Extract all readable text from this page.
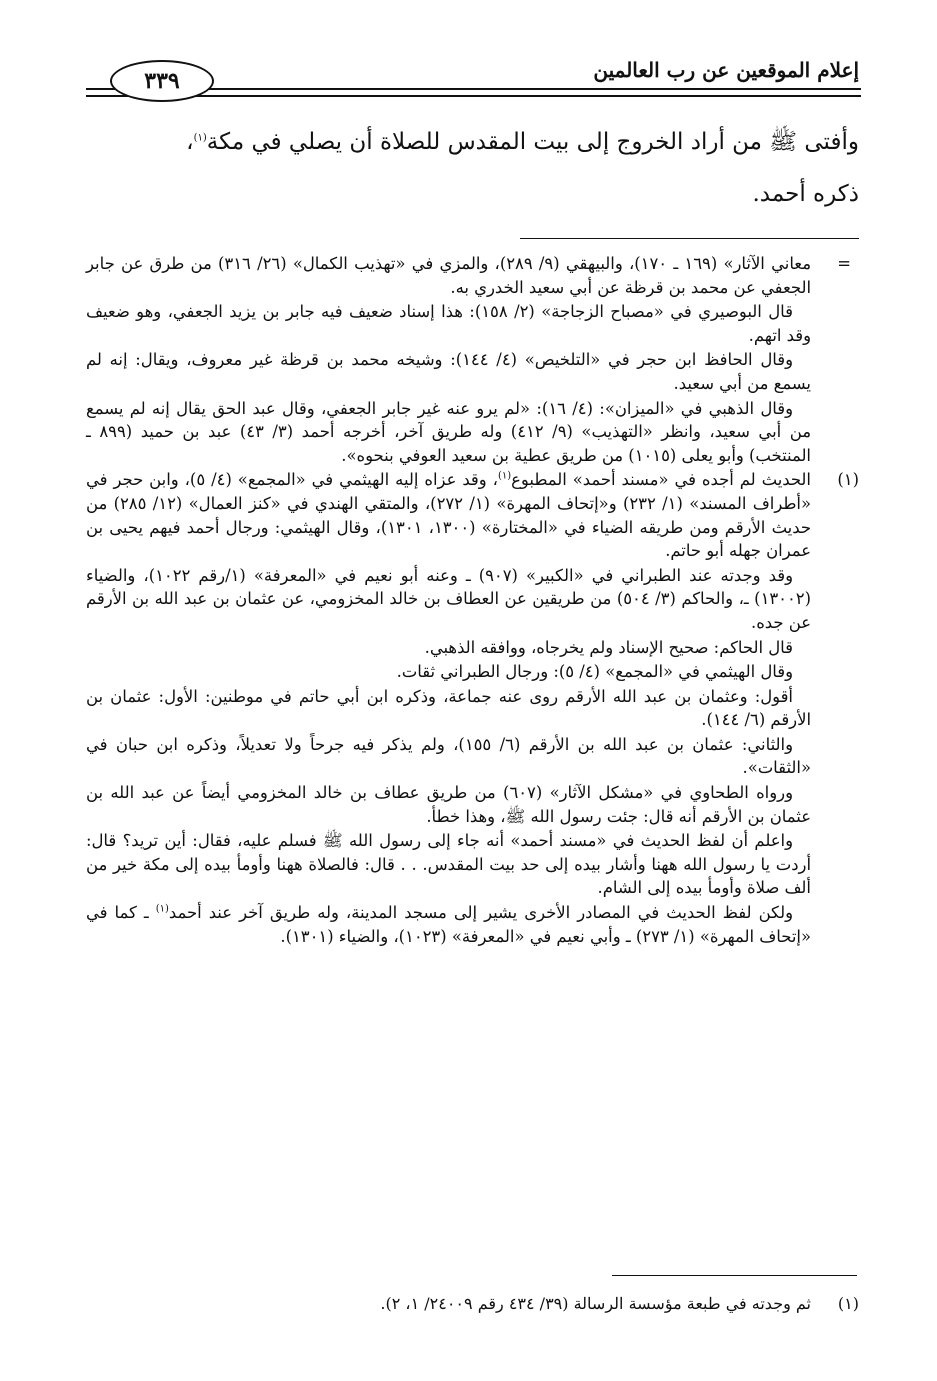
إعلام الموقعين عن رب العالمين
٣٣٩

وأفتى ﷺ من أراد الخروج إلى بيت المقدس للصلاة أن يصلي في مكة$^{(١)}$،

ذكره أحمد.

=
معاني الآثار» (١٦٩ ـ ١٧٠)، والبيهقي (٩/ ٢٨٩)، والمزي في «تهذيب الكمال» (٢٦/ ٣١٦) من طرق عن جابر الجعفي عن محمد بن قرظة عن أبي سعيد الخدري به.

قال البوصيري في «مصباح الزجاجة» (٢/ ١٥٨): هذا إسناد ضعيف فيه جابر بن يزيد الجعفي، وهو ضعيف وقد اتهم.

وقال الحافظ ابن حجر في «التلخيص» (٤/ ١٤٤): وشيخه محمد بن قرظة غير معروف، ويقال: إنه لم يسمع من أبي سعيد.

وقال الذهبي في «الميزان»: (٤/ ١٦): «لم يرو عنه غير جابر الجعفي، وقال عبد الحق يقال إنه لم يسمع من أبي سعيد، وانظر «التهذيب» (٩/ ٤١٢) وله طريق آخر، أخرجه أحمد (٣/ ٤٣) عبد بن حميد (٨٩٩ ـ المنتخب) وأبو يعلى (١٠١٥) من طريق عطية بن سعيد العوفي بنحوه».

(١)
الحديث لم أجده في «مسند أحمد» المطبوع$^{(١)}$، وقد عزاه إليه الهيثمي في «المجمع» (٤/ ٥)، وابن حجر في «أطراف المسند» (١/ ٢٣٢) و«إتحاف المهرة» (١/ ٢٧٢)، والمتقي الهندي في «كنز العمال» (١٢/ ٢٨٥) من حديث الأرقم ومن طريقه الضياء في «المختارة» (١٣٠٠، ١٣٠١)، وقال الهيثمي: ورجال أحمد فيهم يحيى بن عمران جهله أبو حاتم.

وقد وجدته عند الطبراني في «الكبير» (٩٠٧) ـ وعنه أبو نعيم في «المعرفة» (١/رقم ١٠٢٢)، والضياء (١٣٠٠٢) ـ، والحاكم (٣/ ٥٠٤) من طريقين عن العطاف بن خالد المخزومي، عن عثمان بن عبد الله بن الأرقم عن جده.

قال الحاكم: صحيح الإسناد ولم يخرجاه، ووافقه الذهبي.

وقال الهيثمي في «المجمع» (٤/ ٥): ورجال الطبراني ثقات.

أقول: وعثمان بن عبد الله الأرقم روى عنه جماعة، وذكره ابن أبي حاتم في موطنين: الأول: عثمان بن الأرقم (٦/ ١٤٤).

والثاني: عثمان بن عبد الله بن الأرقم (٦/ ١٥٥)، ولم يذكر فيه جرحاً ولا تعديلاً، وذكره ابن حبان في «الثقات».

ورواه الطحاوي في «مشكل الآثار» (٦٠٧) من طريق عطاف بن خالد المخزومي أيضاً عن عبد الله بن عثمان بن الأرقم أنه قال: جئت رسول الله ﷺ، وهذا خطأ.

واعلم أن لفظ الحديث في «مسند أحمد» أنه جاء إلى رسول الله ﷺ فسلم عليه، فقال: أين تريد؟ قال: أردت يا رسول الله ههنا وأشار بيده إلى حد بيت المقدس. . . قال: فالصلاة ههنا وأومأ بيده إلى مكة خير من ألف صلاة وأومأ بيده إلى الشام.

ولكن لفظ الحديث في المصادر الأخرى يشير إلى مسجد المدينة، وله طريق آخر عند أحمد$^{(١)}$ ـ كما في «إتحاف المهرة» (١/ ٢٧٣) ـ وأبي نعيم في «المعرفة» (١٠٢٣)، والضياء (١٣٠١).

(١)ثم وجدته في طبعة مؤسسة الرسالة (٣٩/ ٤٣٤ رقم ٢٤٠٠٩/ ١، ٢).
